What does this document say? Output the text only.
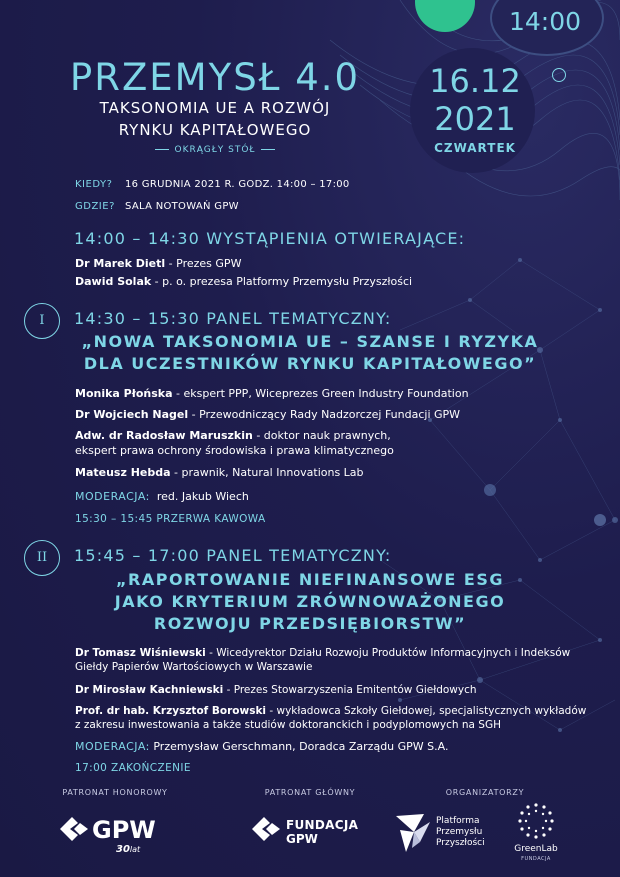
14:00
16.12
2021
CZWARTEK
PRZEMYSŁ 4.0
TAKSONOMIA UE A ROZWÓJ
RYNKU KAPITAŁOWEGO
OKRĄGŁY STÓŁ
KIEDY? 16 GRUDNIA 2021 R. GODZ. 14:00 – 17:00
GDZIE? SALA NOTOWAŃ GPW
14:00 – 14:30 WYSTĄPIENIA OTWIERAJĄCE:
Dr Marek Dietl - Prezes GPW
Dawid Solak - p. o. prezesa Platformy Przemysłu Przyszłości
I	14:30 – 15:30 PANEL TEMATYCZNY:
„NOWA TAKSONOMIA UE – SZANSE I RYZYKA
DLA UCZESTNIKÓW RYNKU KAPITAŁOWEGO”
Monika Płońska - ekspert PPP, Wiceprezes Green Industry Foundation
Dr Wojciech Nagel - Przewodniczący Rady Nadzorczej Fundacji GPW
Adw. dr Radosław Maruszkin - doktor nauk prawnych,
ekspert prawa ochrony środowiska i prawa klimatycznego
Mateusz Hebda - prawnik, Natural Innovations Lab
MODERACJA: red. Jakub Wiech
15:30 – 15:45 PRZERWA KAWOWA
II	15:45 – 17:00 PANEL TEMATYCZNY:
„RAPORTOWANIE NIEFINANSOWE ESG
JAKO KRYTERIUM ZRÓWNOWAŻONEGO
ROZWOJU PRZEDSIĘBIORSTW”
Dr Tomasz Wiśniewski - Wicedyrektor Działu Rozwoju Produktów Informacyjnych i Indeksów
Giełdy Papierów Wartościowych w Warszawie
Dr Mirosław Kachniewski - Prezes Stowarzyszenia Emitentów Giełdowych
Prof. dr hab. Krzysztof Borowski - wykładowca Szkoły Giełdowej, specjalistycznych wykładów
z zakresu inwestowania a także studiów doktoranckich i podyplomowych na SGH
MODERACJA: Przemysław Gerschmann, Doradca Zarządu GPW S.A.
17:00 ZAKOŃCZENIE
PATRONAT HONOROWY	PATRONAT GŁÓWNY	ORGANIZATORZY
GPW
30lat
FUNDACJA
GPW
Platforma
Przemysłu
Przyszłości
GreenLab
FUNDACJA
